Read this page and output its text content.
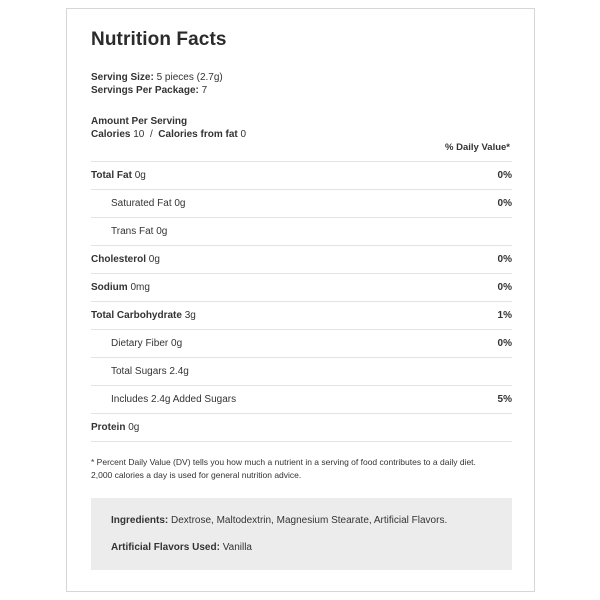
Nutrition Facts
Serving Size: 5 pieces (2.7g)
Servings Per Package: 7
Amount Per Serving
Calories 10 / Calories from fat 0
% Daily Value*
Total Fat 0g	0%
Saturated Fat 0g	0%
Trans Fat 0g
Cholesterol 0g	0%
Sodium 0mg	0%
Total Carbohydrate 3g	1%
Dietary Fiber 0g	0%
Total Sugars 2.4g
Includes 2.4g Added Sugars	5%
Protein 0g
* Percent Daily Value (DV) tells you how much a nutrient in a serving of food contributes to a daily diet.
2,000 calories a day is used for general nutrition advice.
Ingredients: Dextrose, Maltodextrin, Magnesium Stearate, Artificial Flavors.
Artificial Flavors Used: Vanilla
